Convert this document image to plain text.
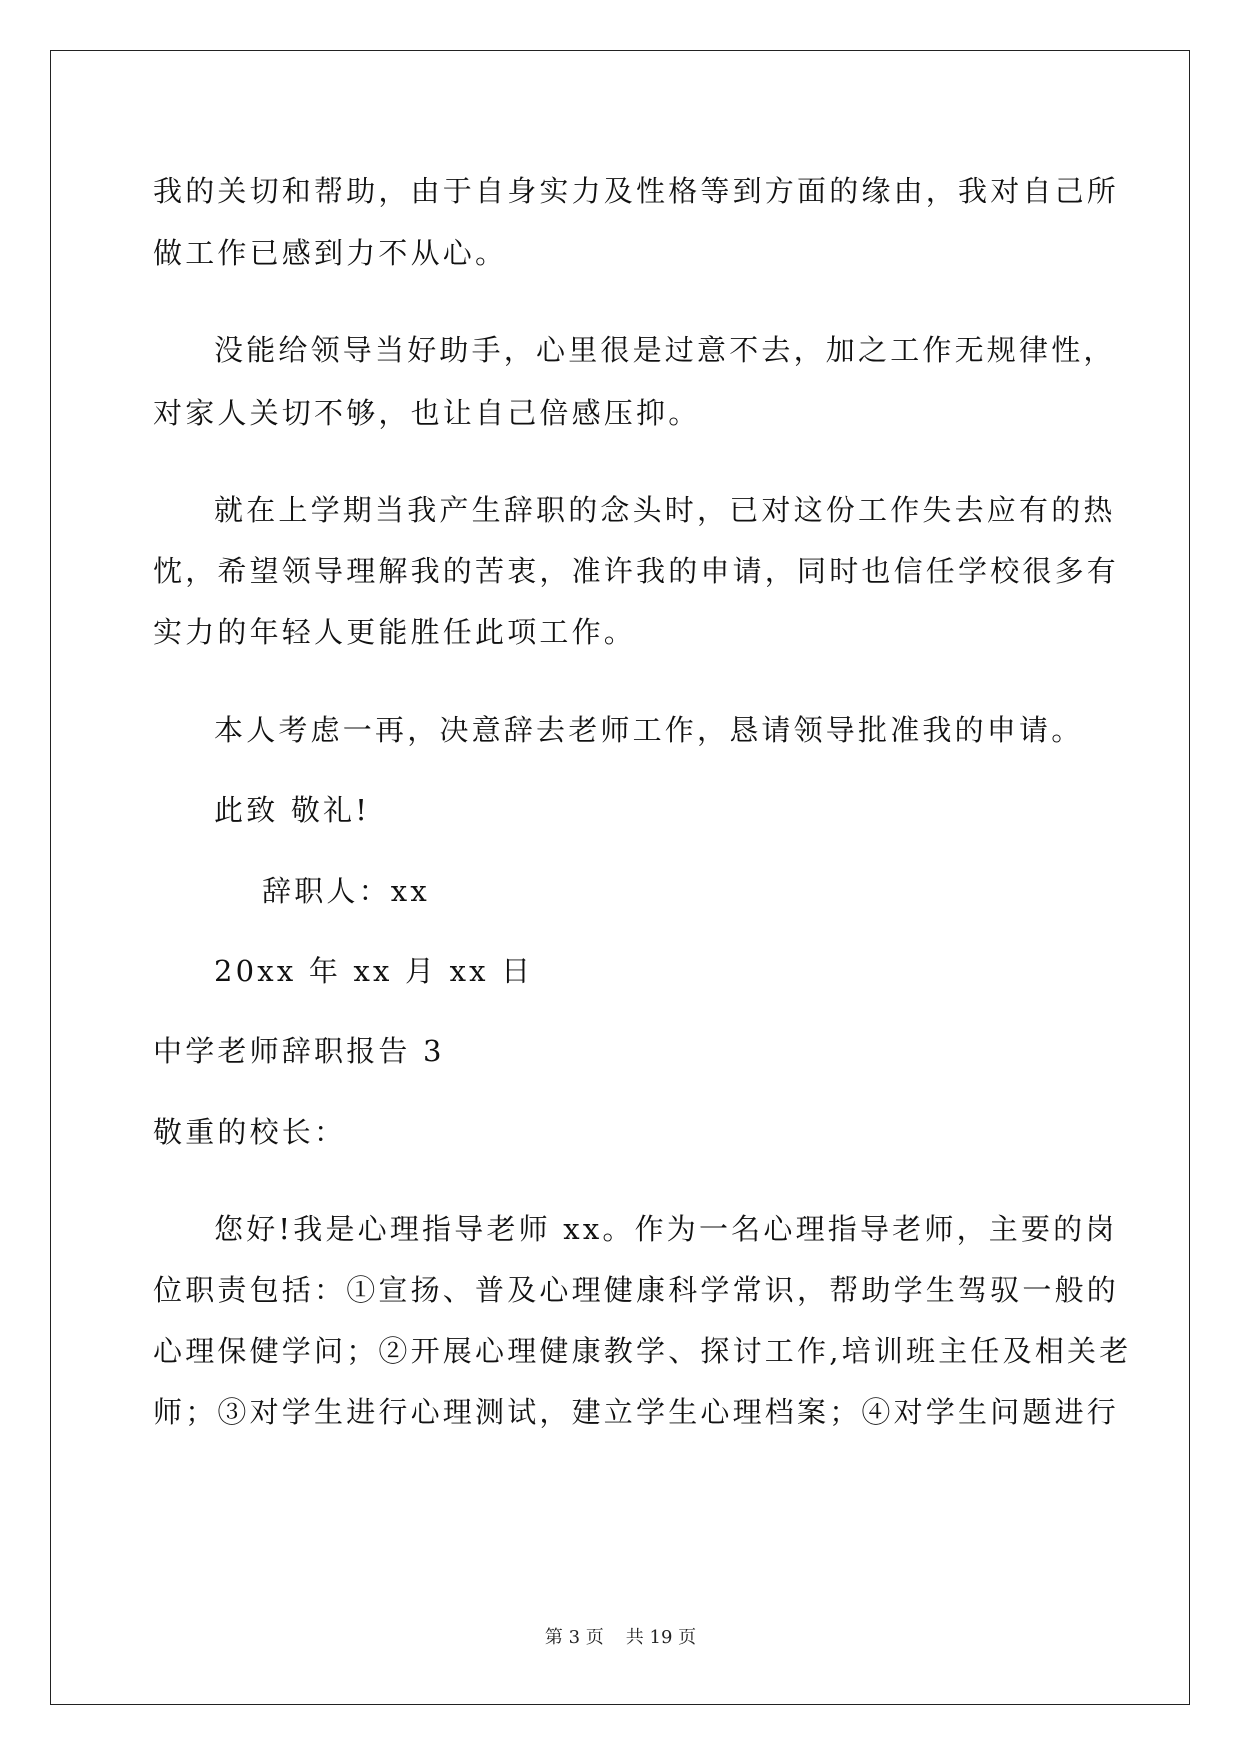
我的关切和帮助，由于自身实力及性格等到方面的缘由，我对自己所
做工作已感到力不从心。
没能给领导当好助手，心里很是过意不去，加之工作无规律性，
对家人关切不够，也让自己倍感压抑。
就在上学期当我产生辞职的念头时，已对这份工作失去应有的热
忱，希望领导理解我的苦衷，准许我的申请，同时也信任学校很多有
实力的年轻人更能胜任此项工作。
本人考虑一再，决意辞去老师工作，恳请领导批准我的申请。
此致 敬礼!
辞职人：xx
20xx 年 xx 月 xx 日
中学老师辞职报告 3
敬重的校长：
您好!我是心理指导老师 xx。作为一名心理指导老师，主要的岗
位职责包括：①宣扬、普及心理健康科学常识，帮助学生驾驭一般的
心理保健学问；②开展心理健康教学、探讨工作,培训班主任及相关老
师；③对学生进行心理测试，建立学生心理档案；④对学生问题进行
第 3 页 共 19 页
